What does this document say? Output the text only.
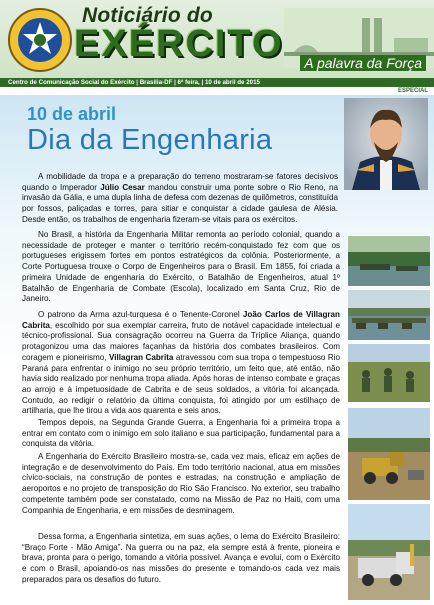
Noticiário do
EXÉRCITO A palavra da Força
Centro de Comunicação Social do Exército | Brasília-DF | 6ª feira, | 10 de abril de 2015
ESPECIAL
10 de abril
Dia da Engenharia

A mobilidade da tropa e a preparação do terreno mostraram-se fatores decisivos quando o Imperador Júlio Cesar mandou construir uma ponte sobre o Rio Reno, na invasão da Gália, e uma dupla linha de defesa com dezenas de quilômetros, constituída por fossos, paliçadas e torres, para sitiar e conquistar a cidade gaulesa de Alésia. Desde então, os trabalhos de engenharia fizeram-se vitais para os exércitos.

No Brasil, a história da Engenharia Militar remonta ao período colonial, quando a necessidade de proteger e manter o território recém-conquistado fez com que os portugueses erigissem fortes em pontos estratégicos da colônia. Posteriormente, a Corte Portuguesa trouxe o Corpo de Engenheiros para o Brasil. Em 1855, foi criada a primeira Unidade de engenharia do Exército, o Batalhão de Engenheiros, atual 1º Batalhão de Engenharia de Combate (Escola), localizado em Santa Cruz, Rio de Janeiro.

O patrono da Arma azul-turquesa é o Tenente-Coronel João Carlos de Villagran Cabrita, escolhido por sua exemplar carreira, fruto de notável capacidade intelectual e técnico-profissional. Sua consagração ocorreu na Guerra da Tríplice Aliança, quando protagonizou uma das maiores façanhas da história dos combates brasileiros. Com coragem e pioneirismo, Villagran Cabrita atravessou com sua tropa o tempestuoso Rio Paraná para enfrentar o inimigo no seu próprio território, um feito que, até então, não havia sido realizado por nenhuma tropa aliada. Após horas de intenso combate e graças ao arrojo e à impetuosidade de Cabrita e de seus soldados, a vitória foi alcançada. Contudo, ao redigir o relatório da última conquista, foi atingido por um estilhaço de artilharia, que lhe tirou a vida aos quarenta e seis anos.

Tempos depois, na Segunda Grande Guerra, a Engenharia foi a primeira tropa a entrar em contato com o inimigo em solo italiano e sua participação, fundamental para a conquista da vitória.

A Engenharia do Exército Brasileiro mostra-se, cada vez mais, eficaz em ações de integração e de desenvolvimento do País. Em todo território nacional, atua em missões cívico-sociais, na construção de pontes e estradas, na construção e ampliação de aeroportos e no projeto de transposição do Rio São Francisco. No exterior, seu trabalho competente também pode ser constatado, como na Missão de Paz no Haiti, com uma Companhia de Engenharia, e em missões de desminagem.

Dessa forma, a Engenharia sintetiza, em suas ações, o lema do Exército Brasileiro: “Braço Forte - Mão Amiga”. Na guerra ou na paz, ela sempre está à frente, pioneira e brava, pronta para o perigo, tomando a vitória possível. Avança e evolui, com o Exército e com o Brasil, apoiando-os nas missões do presente e tomando-os cada vez mais preparados para os desafios do futuro.
